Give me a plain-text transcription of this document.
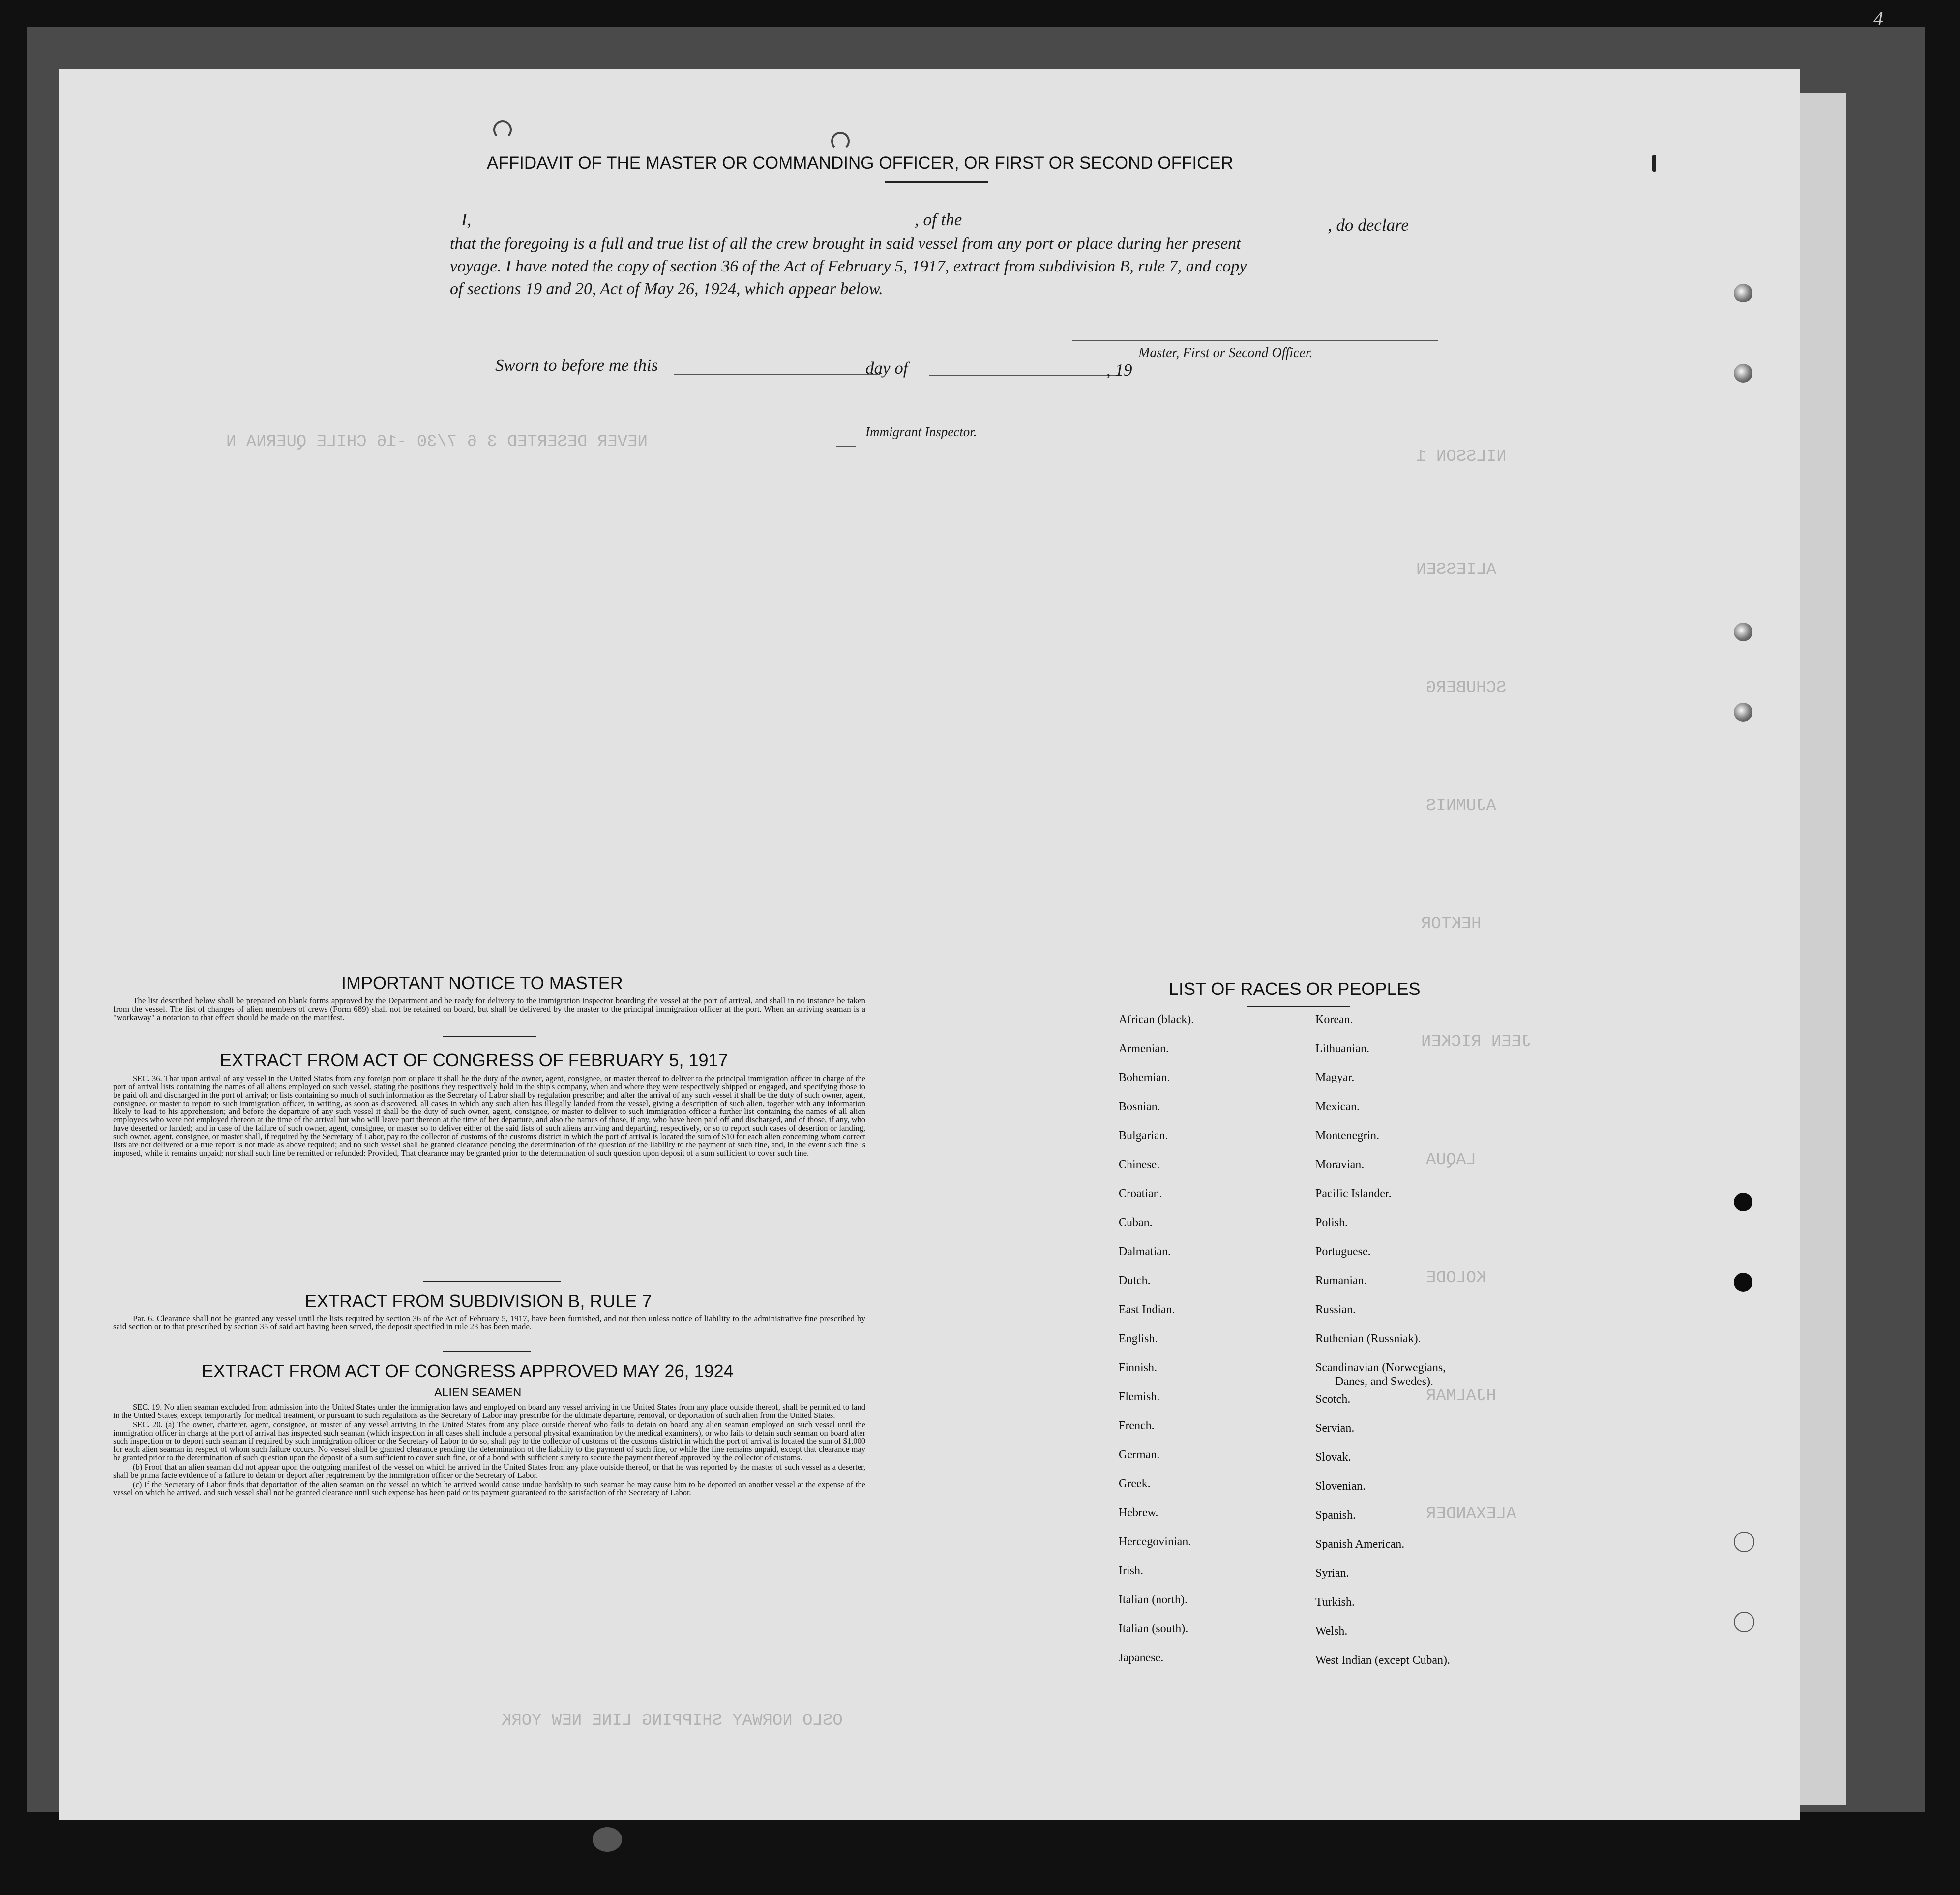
4
NEVER DESERTED 3 6 7/30 -16 CHILE QUERNA N
NILSSON 1
ALIESSEN
SCHUBERG
AJUMNIS
HEKTOR
JEEN RICKEN
LAQUA
KOLODE
HJALMAR
ALEXANDER
OSLO NORWAY SHIPPING LINE NEW YORK
AFFIDAVIT OF THE MASTER OR COMMANDING OFFICER, OR FIRST OR SECOND OFFICER
I,	, of the	, do declare
that the foregoing is a full and true list of all the crew brought in said vessel from any port or place during her present
voyage. I have noted the copy of section 36 of the Act of February 5, 1917, extract from subdivision B, rule 7, and copy
of sections 19 and 20, Act of May 26, 1924, which appear below.
Master, First or Second Officer.
Sworn to before me this	day of	, 19
Immigrant Inspector.
IMPORTANT NOTICE TO MASTER

The list described below shall be prepared on blank forms approved by the Department and be ready for delivery to the immigration inspector boarding the vessel at the port of arrival, and shall in no instance be taken from the vessel. The list of changes of alien members of crews (Form 689) shall not be retained on board, but shall be delivered by the master to the principal immigration officer at the port. When an arriving seaman is a "workaway" a notation to that effect should be made on the manifest.

EXTRACT FROM ACT OF CONGRESS OF FEBRUARY 5, 1917

SEC. 36. That upon arrival of any vessel in the United States from any foreign port or place it shall be the duty of the owner, agent, consignee, or master thereof to deliver to the principal immigration officer in charge of the port of arrival lists containing the names of all aliens employed on such vessel, stating the positions they respectively hold in the ship's company, when and where they were respectively shipped or engaged, and specifying those to be paid off and discharged in the port of arrival; or lists containing so much of such information as the Secretary of Labor shall by regulation prescribe; and after the arrival of any such vessel it shall be the duty of such owner, agent, consignee, or master to report to such immigration officer, in writing, as soon as discovered, all cases in which any such alien has illegally landed from the vessel, giving a description of such alien, together with any information likely to lead to his apprehension; and before the departure of any such vessel it shall be the duty of such owner, agent, consignee, or master to deliver to such immigration officer a further list containing the names of all alien employees who were not employed thereon at the time of the arrival but who will leave port thereon at the time of her departure, and also the names of those, if any, who have been paid off and discharged, and of those, if any, who have deserted or landed; and in case of the failure of such owner, agent, consignee, or master so to deliver either of the said lists of such aliens arriving and departing, respectively, or so to report such cases of desertion or landing, such owner, agent, consignee, or master shall, if required by the Secretary of Labor, pay to the collector of customs of the customs district in which the port of arrival is located the sum of $10 for each alien concerning whom correct lists are not delivered or a true report is not made as above required; and no such vessel shall be granted clearance pending the determination of the question of the liability to the payment of such fine, and, in the event such fine is imposed, while it remains unpaid; nor shall such fine be remitted or refunded: Provided, That clearance may be granted prior to the determination of such question upon deposit of a sum sufficient to cover such fine.

EXTRACT FROM SUBDIVISION B, RULE 7

Par. 6. Clearance shall not be granted any vessel until the lists required by section 36 of the Act of February 5, 1917, have been furnished, and not then unless notice of liability to the administrative fine prescribed by said section or to that prescribed by section 35 of said act having been served, the deposit specified in rule 23 has been made.

EXTRACT FROM ACT OF CONGRESS APPROVED MAY 26, 1924
ALIEN SEAMEN

SEC. 19. No alien seaman excluded from admission into the United States under the immigration laws and employed on board any vessel arriving in the United States from any place outside thereof, shall be permitted to land in the United States, except temporarily for medical treatment, or pursuant to such regulations as the Secretary of Labor may prescribe for the ultimate departure, removal, or deportation of such alien from the United States.

SEC. 20. (a) The owner, charterer, agent, consignee, or master of any vessel arriving in the United States from any place outside thereof who fails to detain on board any alien seaman employed on such vessel until the immigration officer in charge at the port of arrival has inspected such seaman (which inspection in all cases shall include a personal physical examination by the medical examiners), or who fails to detain such seaman on board after such inspection or to deport such seaman if required by such immigration officer or the Secretary of Labor to do so, shall pay to the collector of customs of the customs district in which the port of arrival is located the sum of $1,000 for each alien seaman in respect of whom such failure occurs. No vessel shall be granted clearance pending the determination of the liability to the payment of such fine, or while the fine remains unpaid, except that clearance may be granted prior to the determination of such question upon the deposit of a sum sufficient to cover such fine, or of a bond with sufficient surety to secure the payment thereof approved by the collector of customs.

(b) Proof that an alien seaman did not appear upon the outgoing manifest of the vessel on which he arrived in the United States from any place outside thereof, or that he was reported by the master of such vessel as a deserter, shall be prima facie evidence of a failure to detain or deport after requirement by the immigration officer or the Secretary of Labor.

(c) If the Secretary of Labor finds that deportation of the alien seaman on the vessel on which he arrived would cause undue hardship to such seaman he may cause him to be deported on another vessel at the expense of the vessel on which he arrived, and such vessel shall not be granted clearance until such expense has been paid or its payment guaranteed to the satisfaction of the Secretary of Labor.

LIST OF RACES OR PEOPLES
African (black).
Armenian.
Bohemian.
Bosnian.
Bulgarian.
Chinese.
Croatian.
Cuban.
Dalmatian.
Dutch.
East Indian.
English.
Finnish.
Flemish.
French.
German.
Greek.
Hebrew.
Hercegovinian.
Irish.
Italian (north).
Italian (south).
Japanese.
Korean.
Lithuanian.
Magyar.
Mexican.
Montenegrin.
Moravian.
Pacific Islander.
Polish.
Portuguese.
Rumanian.
Russian.
Ruthenian (Russniak).
Scandinavian (Norwegians,
Danes, and Swedes).
Scotch.
Servian.
Slovak.
Slovenian.
Spanish.
Spanish American.
Syrian.
Turkish.
Welsh.
West Indian (except Cuban).
